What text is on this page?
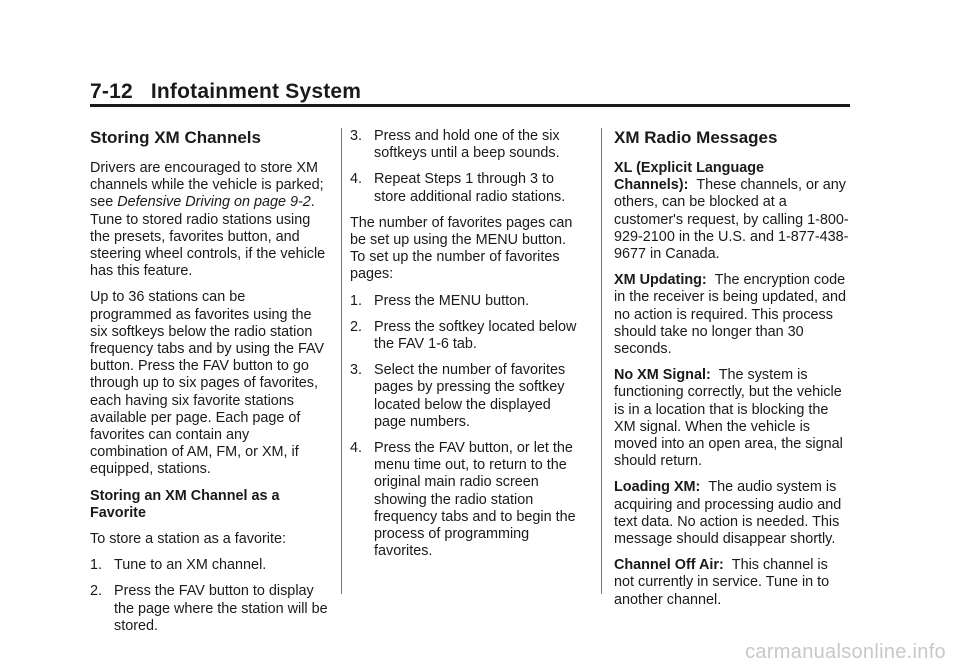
7-12 Infotainment System
Storing XM Channels

Drivers are encouraged to store XM channels while the vehicle is parked; see Defensive Driving on page 9-2. Tune to stored radio stations using the presets, favorites button, and steering wheel controls, if the vehicle has this feature.

Up to 36 stations can be programmed as favorites using the six softkeys below the radio station frequency tabs and by using the FAV button. Press the FAV button to go through up to six pages of favorites, each having six favorite stations available per page. Each page of favorites can contain any combination of AM, FM, or XM, if equipped, stations.

Storing an XM Channel as a Favorite

To store a station as a favorite:

1. Tune to an XM channel.
2. Press the FAV button to display the page where the station will be stored.
3. Press and hold one of the six softkeys until a beep sounds.
4. Repeat Steps 1 through 3 to store additional radio stations.

The number of favorites pages can be set up using the MENU button. To set up the number of favorites pages:

1. Press the MENU button.
2. Press the softkey located below the FAV 1-6 tab.
3. Select the number of favorites pages by pressing the softkey located below the displayed page numbers.
4. Press the FAV button, or let the menu time out, to return to the original main radio screen showing the radio station frequency tabs and to begin the process of programming favorites.
XM Radio Messages

XL (Explicit Language Channels): These channels, or any others, can be blocked at a customer's request, by calling 1-800-929-2100 in the U.S. and 1-877-438-9677 in Canada.

XM Updating: The encryption code in the receiver is being updated, and no action is required. This process should take no longer than 30 seconds.

No XM Signal: The system is functioning correctly, but the vehicle is in a location that is blocking the XM signal. When the vehicle is moved into an open area, the signal should return.

Loading XM: The audio system is acquiring and processing audio and text data. No action is needed. This message should disappear shortly.

Channel Off Air: This channel is not currently in service. Tune in to another channel.

carmanualsonline.info
